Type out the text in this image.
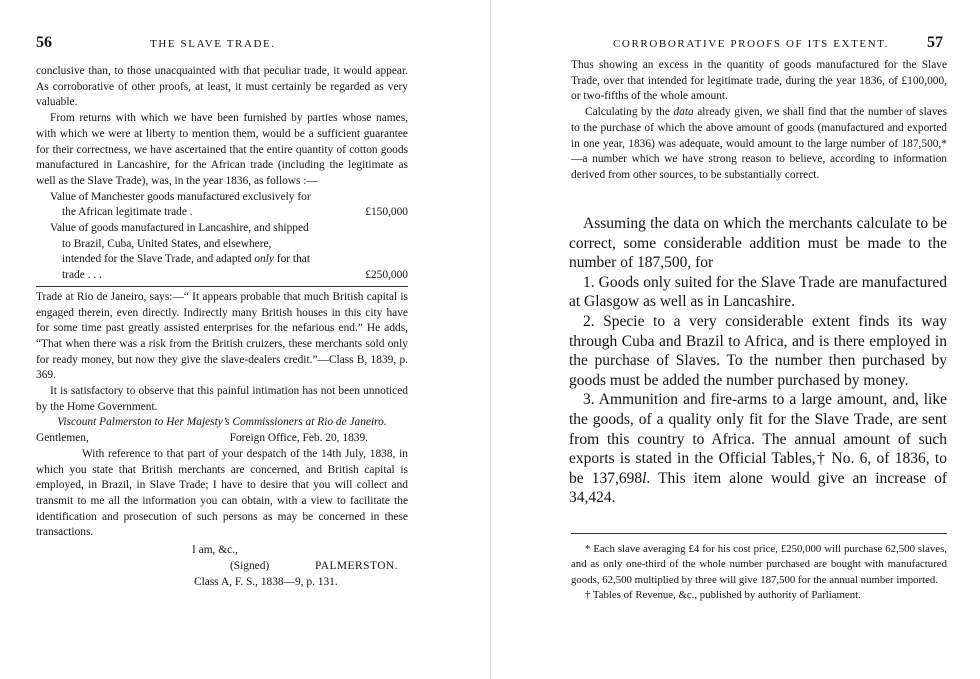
56	THE SLAVE TRADE.

conclusive than, to those unacquainted with that peculiar trade, it would appear. As corroborative of other proofs, at least, it must certainly be regarded as very valuable.

From returns with which we have been furnished by parties whose names, with which we were at liberty to mention them, would be a sufficient guarantee for their correctness, we have ascertained that the entire quantity of cotton goods manufactured in Lancashire, for the African trade (including the legitimate as well as the Slave Trade), was, in the year 1836, as follows :—

Value of Manchester goods manufactured exclusively for the African legitimate trade .	£150,000
Value of goods manufactured in Lancashire, and shipped to Brazil, Cuba, United States, and elsewhere, intended for the Slave Trade, and adapted only for that trade . . .	£250,000

Trade at Rio de Janeiro, says:—“ It appears probable that much British capital is engaged therein, even directly. Indirectly many British houses in this city have for some time past greatly assisted enterprises for the nefarious end.” He adds, “That when there was a risk from the British cruizers, these merchants sold only for ready money, but now they give the slave-dealers credit.”—Class B, 1839, p. 369.

It is satisfactory to observe that this painful intimation has not been unnoticed by the Home Government.

Viscount Palmerston to Her Majesty’s Commissioners at Rio de Janeiro.

Gentlemen,	Foreign Office, Feb. 20, 1839.

With reference to that part of your despatch of the 14th July, 1838, in which you state that British merchants are concerned, and British capital is employed, in Brazil, in Slave Trade; I have to desire that you will collect and transmit to me all the information you can obtain, with a view to facilitate the identification and prosecution of such persons as may be concerned in these transactions.

I am, &c.,

(Signed)	PALMERSTON.

Class A, F. S., 1838—9, p. 131.

CORROBORATIVE PROOFS OF ITS EXTENT. 57

Thus showing an excess in the quantity of goods manufactured for the Slave Trade, over that intended for legitimate trade, during the year 1836, of £100,000, or two-fifths of the whole amount.

Calculating by the data already given, we shall find that the number of slaves to the purchase of which the above amount of goods (manufactured and exported in one year, 1836) was adequate, would amount to the large number of 187,500,*—a number which we have strong reason to believe, according to information derived from other sources, to be substantially correct.

Assuming the data on which the merchants calculate to be correct, some considerable addition must be made to the number of 187,500, for

1. Goods only suited for the Slave Trade are manufactured at Glasgow as well as in Lancashire.

2. Specie to a very considerable extent finds its way through Cuba and Brazil to Africa, and is there employed in the purchase of Slaves. To the number then purchased by goods must be added the number purchased by money.

3. Ammunition and fire-arms to a large amount, and, like the goods, of a quality only fit for the Slave Trade, are sent from this country to Africa. The annual amount of such exports is stated in the Official Tables,† No. 6, of 1836, to be 137,698l. This item alone would give an increase of 34,424.

* Each slave averaging £4 for his cost price, £250,000 will purchase 62,500 slaves, and as only one-third of the whole number purchased are bought with manufactured goods, 62,500 multiplied by three will give 187,500 for the annual number imported.

† Tables of Revenue, &c., published by authority of Parliament.
